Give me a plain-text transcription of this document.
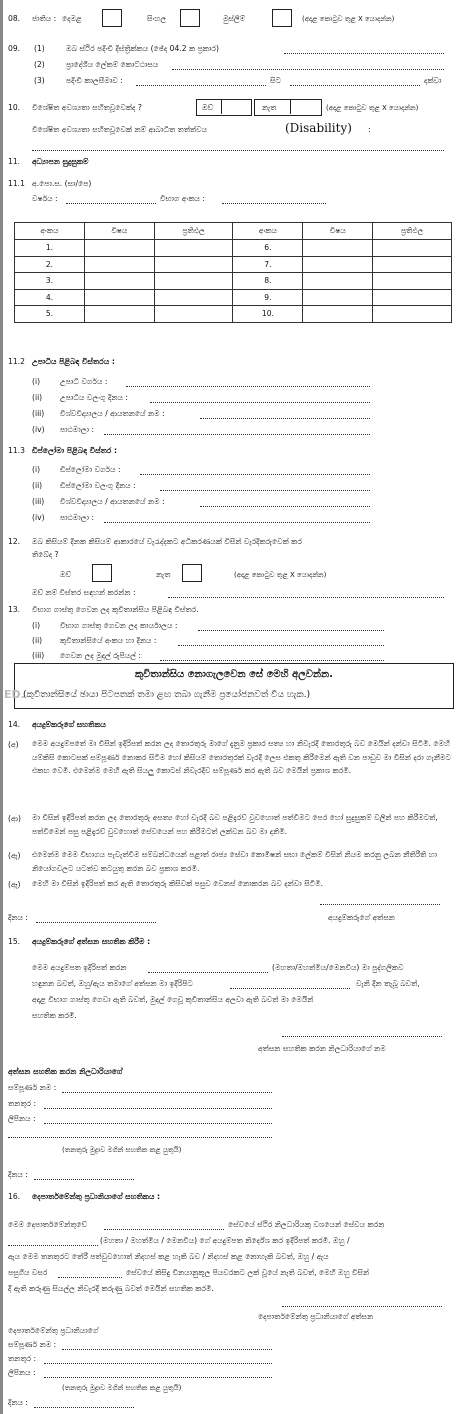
08. ජාතිය : දෙමළ	සිංහල	මුස්ලිම්	(අදාළ කොටුව තුළ X යොදන්න)
09. (1)	ඔබ ස්ථිර පදිංචි දිස්ත්‍රික්කය (ඡේද 04.2 ක ප්‍රකාර)
(2)	ප්‍රාදේශීය ලේකම් කොට්ඨාසය
(3)	පදිංචි කාලසීමාව :	සිට	දක්වා
10. විශේෂිත අවශ්‍යතා සහිතවූවෙක්ද ?	ඔව්	නැත	(අදාළ කොටුව තුළ X යොදන්න)
විශේෂිත අවශ්‍යතා සහිතවූවෙක් නම් ආබාධිත තත්ත්වය	(Disability) :
11. අධ්‍යාපන සුදුසුකම්
11.1 අ.පො.ස. (සා/පෙ)
වර්ෂය :	විභාග අංකය :
අංකය	විෂය	ප්‍රතිඵල	අංකය	විෂය	ප්‍රතිඵල
1.			6.		
2.			7.		
3.			8.		
4.			9.		
5.			10.		
11.2 උපාධිය පිළිබඳ විස්තරය :
(i)	උපාධි වර්ගය :
(ii) උපාධිය වලංගු දිනය :
(iii) විශ්වවිද්‍යාලය / ආයතනයේ නම :
(iv) පාඨමාලා :
11.3 ඩිප්ලෝමා පිළිබඳ විස්තර :
(i)	ඩිප්ලෝමා වර්ගය :
(ii) ඩිප්ලෝමා වලංගු දිනය :
(iii) විශ්වවිද්‍යාලය / ආයතනයේ නම :
(iv) පාඨමාලා :
12. ඔබ කිසියම් දිනක කිසියම් ආකාරයේ වැරැද්දකට අධිකරණයක් විසින් වැරදිකරුවෙක් කර
තිබේද ?
ඔව්	නැත	(අදාළ කොටුව තුළ X යොදන්න)
ඔව් නම් විස්තර සඳහන් කරන්න :
13. විභාග ගාස්තු ගෙවන ලද කුවිතාන්සිය පිළිබඳ විස්තර.
(i)	විභාග ගාස්තු ගෙවන ලද කාර්යාලය :
(ii) කුවිතාන්සියේ අංකය හා දිනය :
(iii) ගෙවන ලද මුදල් රුපියල් :
කුවිතාන්සිය නොගැලවෙන සේ මෙහි අලවන්න.
(කුවිතාන්සියේ ඡායා පිටපතක් තමා ළඟ තබා ගැනීම ප්‍රයෝජනවත් විය හැක.)
ED.
14. අයදුම්කරුගේ සහතිකය
(අ) මෙම අයදුම්පතේ මා විසින් ඉදිරිපත් කරන ලද තොරතුරු මාගේ දැනුම ප්‍රකාර සත්‍ය හා නිවැරදි තොරතුරු බව මෙයින් දන්වා සිටිමි. මෙහි යම්කිසි කොටසක් සම්පූර්ණ නොකර සිටීම හෝ කිසියම් තොරතුරක් වැරදි ලෙස එකතු කිරීමෙන් ඇති වන පාඩුව මා විසින් දරා ගැනීමට එකඟ වෙමි. එමෙන්ම මෙහි ඇති සියලු කොටස් නිවැරදිව සම්පූර්ණ කර ඇති බව මෙයින් ප්‍රකාශ කරමි.
(ආ) මා විසින් ඉදිරිපත් කරන ලද තොරතුරු අසත්‍ය හෝ වැරදි බව පළිදැරව් වුවහොත් පත්වීමට පෙර හෝ සුදුසුකම් වලින් පහ කිරීමටත්, පත්වීමෙන් පසු පළිදැරව් වුවහොත් සේවයෙන් පහ කිරීමටත් ලක්වන බව මා දනිමි.
(ඇ) එමෙන්ම මෙම විභාගය පැවැත්වීම සම්බන්ධයෙන් පළාත් රාජ්‍ය සේවා කොමිෂන් සභා ලේකම් විසින් නියම කරනු ලබන නීතිරීති හා නියෝගවලට යටත්ව කටයුතු කරන බව ප්‍රකාශ කරමි.
(ඈ) මෙහි මා විසින් ඉදිරිපත් කර ඇති තොරතුරු කිසිවක් පසුව වෙනස් නොකරන බව දන්වා සිටිමි.
දිනය :	අයදුම්කරුගේ අත්සන
15. අයදුම්කරුගේ අත්සන සහතික කිරීම :
මෙම අයදුම්පත ඉදිරිපත් කරන	(මහතා/මහත්මිය/මෙනවිය) මා පුද්ගලිකව
හඳුනන බවත්, ඔහු/ඇය තමාගේ අත්සන මා ඉදිරිපිට	වැනි දින තැබූ බවත්,
අදාළ විභාග ගාස්තු ගෙවා ඇති බවත්, මුදල් ගෙවූ කුවිතාන්සිය අලවා ඇති බවත් මා මෙයින්
සහතික කරමි.
අත්සන සහතික කරන නිලධාරියාගේ නම
අත්සන සහතික කරන නිලධාරියාගේ
සම්පූර්ණ නම :
තනතුර :
ලිපිනය :
(තනතුරු මුද්‍රාව මගින් සහතික කළ යුතුයි)
දිනය :
16. දෙපාර්තමේන්තු ප්‍රධානියාගේ සහතිකය :
මෙම දෙපාර්තමේන්තුවේ	සේවයේ ස්ථිර නිලධාරියකු වශයෙන් සේවය කරන
(මහතා / මහත්මිය / මෙනවිය) ගේ අයදුම්පත නිර්දේශ කර ඉදිරිපත් කරමි. ඔහු /
ඇය මෙම තනතුරට තේරී පත්වුවහොත් නිදහස් කළ හැකි බව / නිදහස් කළ නොහැකි බවත්, ඔහු / ඇය
පසුගිය වසර	සේවයේ කිසිදු විනයානුකූල පියවරකට ලක් වූයේ නැති බවත්, මෙහි ඔහු විසින්
දී ඇති කරුණු සියල්ල නිවැරදි කරුණු බවත් මෙයින් සහතික කරමි.
දෙපාර්තමේන්තු ප්‍රධානියාගේ අත්සන
දෙපාර්තමේන්තු ප්‍රධානියාගේ
සම්පූර්ණ නම :
තනතුර :
ලිපිනය :
(තනතුරු මුද්‍රාව මගින් සහතික කළ යුතුයි)
දිනය :
